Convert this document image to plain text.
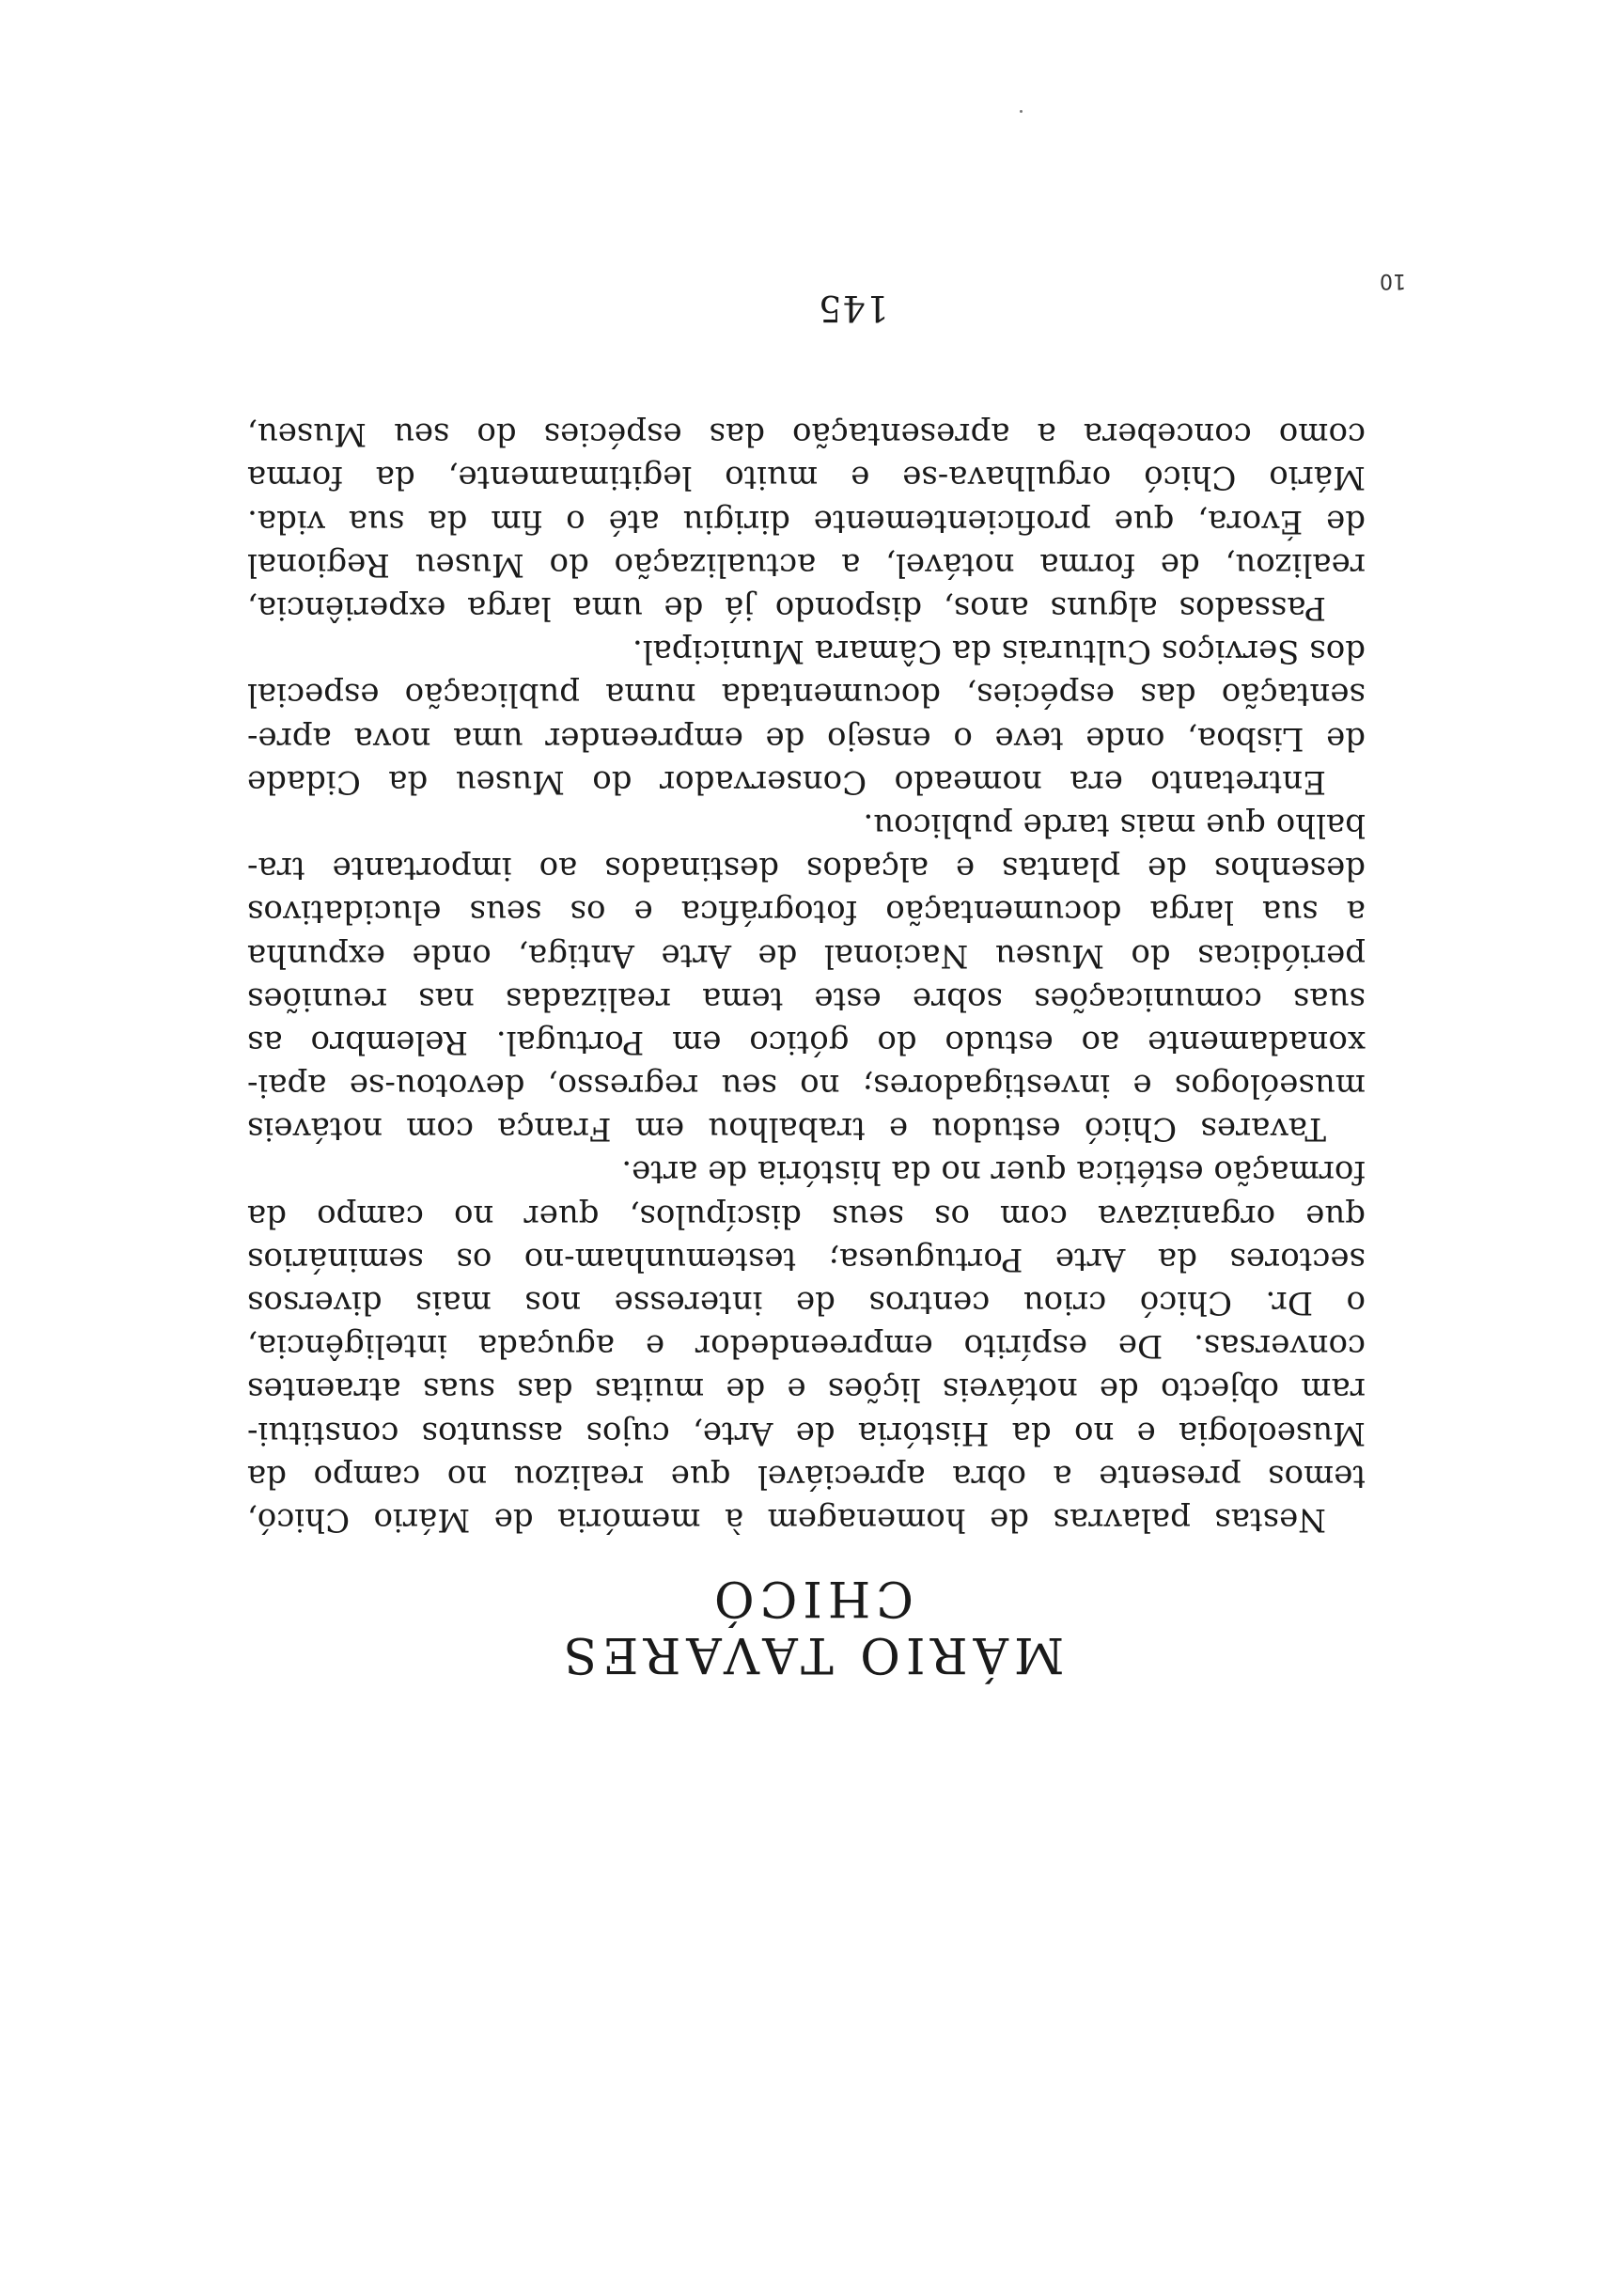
MÁRIO TAVARES CHICÓ
Nestas palavras de homenagem à memória de Mário Chicó,
temos presente a obra apreciável que realizou no campo da
Museologia e no da História de Arte, cujos assuntos constitui-
ram objecto de notáveis lições e de muitas das suas atraentes
conversas. De espírito empreendedor e aguçada inteligência,
o Dr. Chicó criou centros de interesse nos mais diversos
sectores da Arte Portuguesa; testemunham-no os seminários
que organizava com os seus discípulos, quer no campo da
formação estética quer no da história de arte.
Tavares Chicó estudou e trabalhou em França com notáveis
museólogos e investigadores; no seu regresso, devotou-se apai-
xonadamente ao estudo do gótico em Portugal. Relembro as
suas comunicações sobre este tema realizadas nas reuniões
periódicas do Museu Nacional de Arte Antiga, onde expunha
a sua larga documentação fotográfica e os seus elucidativos
desenhos de plantas e alçados destinados ao importante tra-
balho que mais tarde publicou.
Entretanto era nomeado Conservador do Museu da Cidade
de Lisboa, onde teve o ensejo de empreender uma nova apre-
sentação das espécies, documentada numa publicação especial
dos Serviços Culturais da Câmara Municipal.
Passados alguns anos, dispondo já de uma larga experiência,
realizou, de forma notável, a actualização do Museu Regional
de Évora, que proficientemente dirigiu até o fim da sua vida.
Mário Chicó orgulhava-se e muito legitimamente, da forma
como concebera a apresentação das espécies do seu Museu,
145
10
